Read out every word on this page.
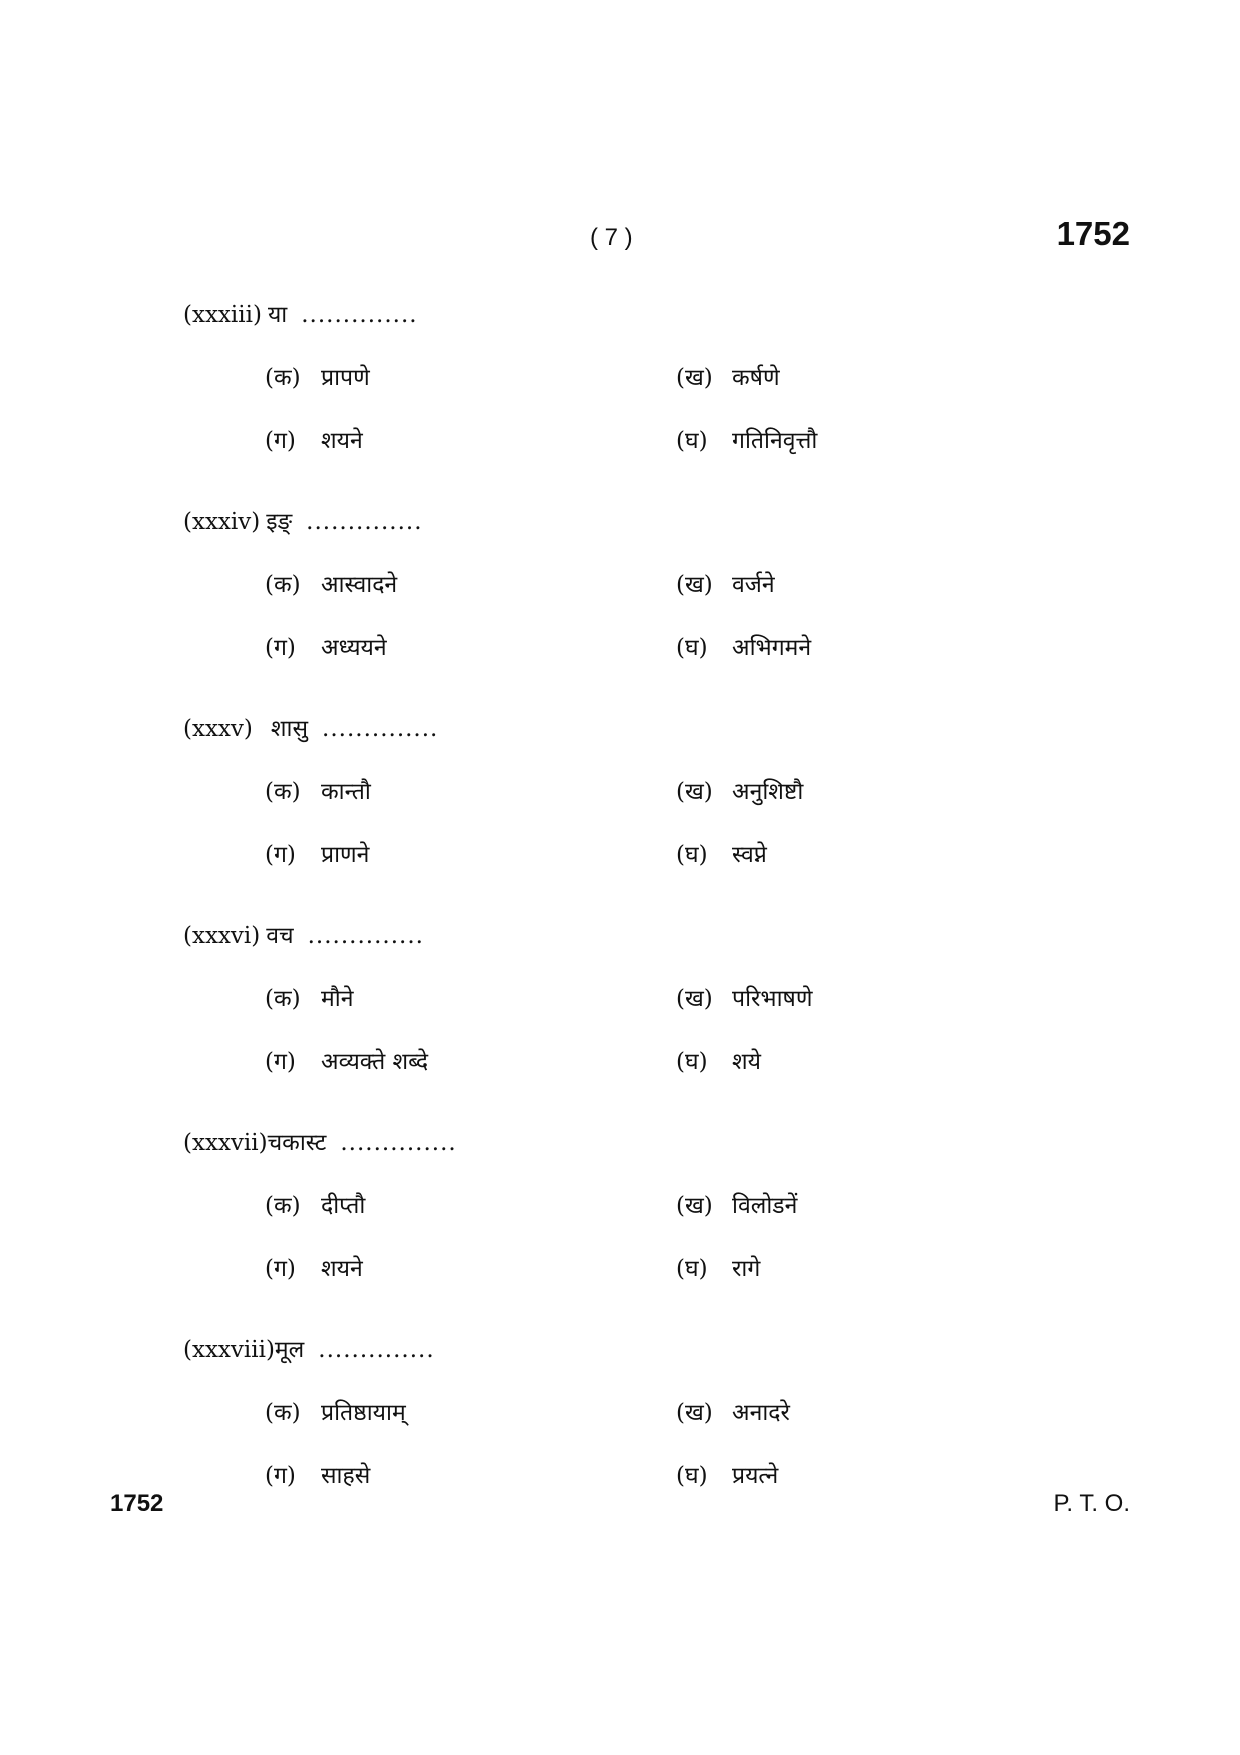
( 7 )	1752
(xxxiii) या ..............
(क) प्रापणे	(ख) कर्षणे
(ग) शयने	(घ) गतिनिवृत्तौ
(xxxiv) इङ् ..............
(क) आस्वादने	(ख) वर्जने
(ग) अध्ययने	(घ) अभिगमने
(xxxv) शासु ..............
(क) कान्तौ	(ख) अनुशिष्टौ
(ग) प्राणने	(घ) स्वप्ने
(xxxvi) वच ..............
(क) मौने	(ख) परिभाषणे
(ग) अव्यक्ते शब्दे	(घ) शये
(xxxvii)चकास्ट ..............
(क) दीप्तौ	(ख) विलोडनें
(ग) शयने	(घ) रागे
(xxxviii)मूल ..............
(क) प्रतिष्ठायाम्	(ख) अनादरे
(ग) साहसे	(घ) प्रयत्ने
1752	P. T. O.
